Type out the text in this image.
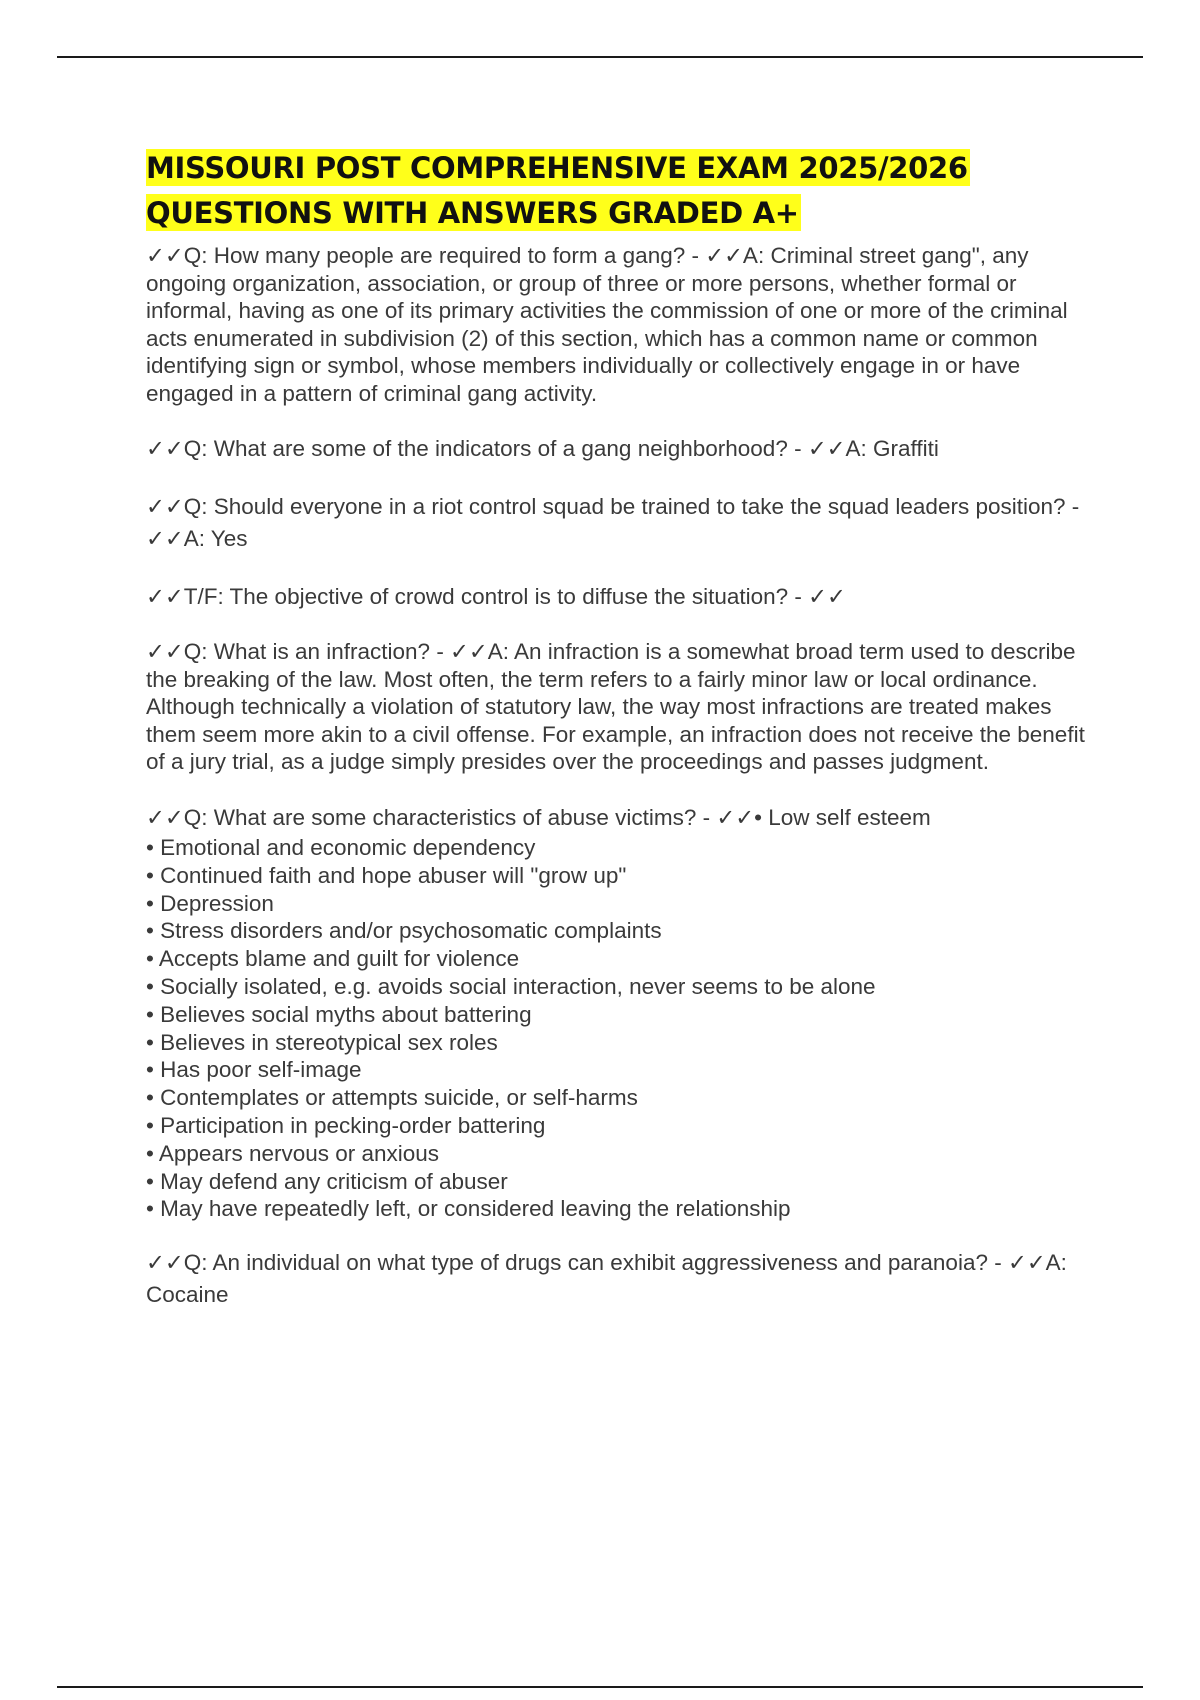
MISSOURI POST COMPREHENSIVE EXAM 2025/2026
QUESTIONS WITH ANSWERS GRADED A+

✓✓Q: How many people are required to form a gang? - ✓✓A: Criminal street gang", any ongoing organization, association, or group of three or more persons, whether formal or informal, having as one of its primary activities the commission of one or more of the criminal acts enumerated in subdivision (2) of this section, which has a common name or common identifying sign or symbol, whose members individually or collectively engage in or have engaged in a pattern of criminal gang activity.

✓✓Q: What are some of the indicators of a gang neighborhood? - ✓✓A: Graffiti

✓✓Q: Should everyone in a riot control squad be trained to take the squad leaders position? - ✓✓A: Yes

✓✓T/F: The objective of crowd control is to diffuse the situation? - ✓✓

✓✓Q: What is an infraction? - ✓✓A: An infraction is a somewhat broad term used to describe the breaking of the law. Most often, the term refers to a fairly minor law or local ordinance. Although technically a violation of statutory law, the way most infractions are treated makes them seem more akin to a civil offense. For example, an infraction does not receive the benefit of a jury trial, as a judge simply presides over the proceedings and passes judgment.

✓✓Q: What are some characteristics of abuse victims? - ✓✓• Low self esteem

• Emotional and economic dependency
• Continued faith and hope abuser will "grow up"
• Depression
• Stress disorders and/or psychosomatic complaints
• Accepts blame and guilt for violence
• Socially isolated, e.g. avoids social interaction, never seems to be alone
• Believes social myths about battering
• Believes in stereotypical sex roles
• Has poor self-image
• Contemplates or attempts suicide, or self-harms
• Participation in pecking-order battering
• Appears nervous or anxious
• May defend any criticism of abuser
• May have repeatedly left, or considered leaving the relationship

✓✓Q: An individual on what type of drugs can exhibit aggressiveness and paranoia? - ✓✓A: Cocaine
